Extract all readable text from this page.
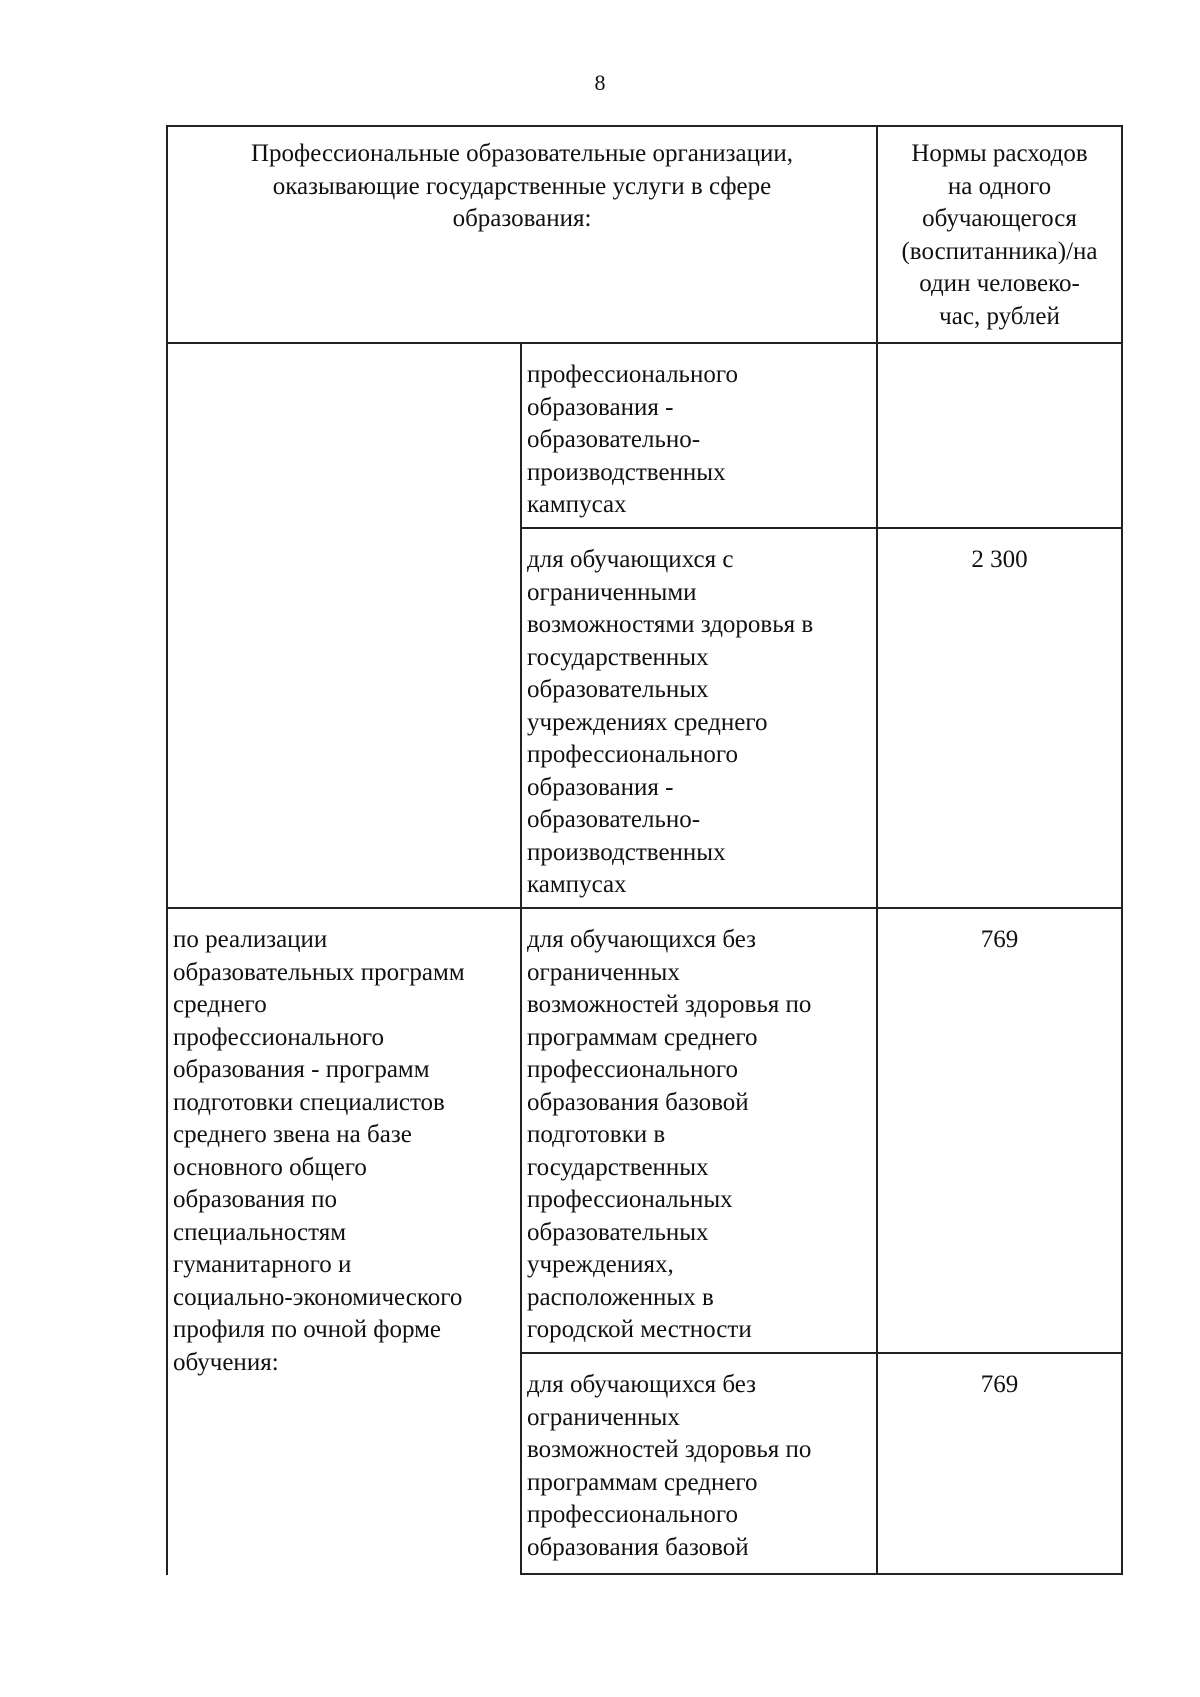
8
Профессиональные образовательные организации,
оказывающие государственные услуги в сфере
образования:
Нормы расходов
на одного
обучающегося
(воспитанника)/на
один человеко-
час, рублей
профессионального
образования -
образовательно-
производственных
кампусах
для обучающихся с
ограниченными
возможностями здоровья в
государственных
образовательных
учреждениях среднего
профессионального
образования -
образовательно-
производственных
кампусах
2 300
по реализации
образовательных программ
среднего
профессионального
образования - программ
подготовки специалистов
среднего звена на базе
основного общего
образования по
специальностям
гуманитарного и
социально-экономического
профиля по очной форме
обучения:
для обучающихся без
ограниченных
возможностей здоровья по
программам среднего
профессионального
образования базовой
подготовки в
государственных
профессиональных
образовательных
учреждениях,
расположенных в
городской местности
769
для обучающихся без
ограниченных
возможностей здоровья по
программам среднего
профессионального
образования базовой
769
